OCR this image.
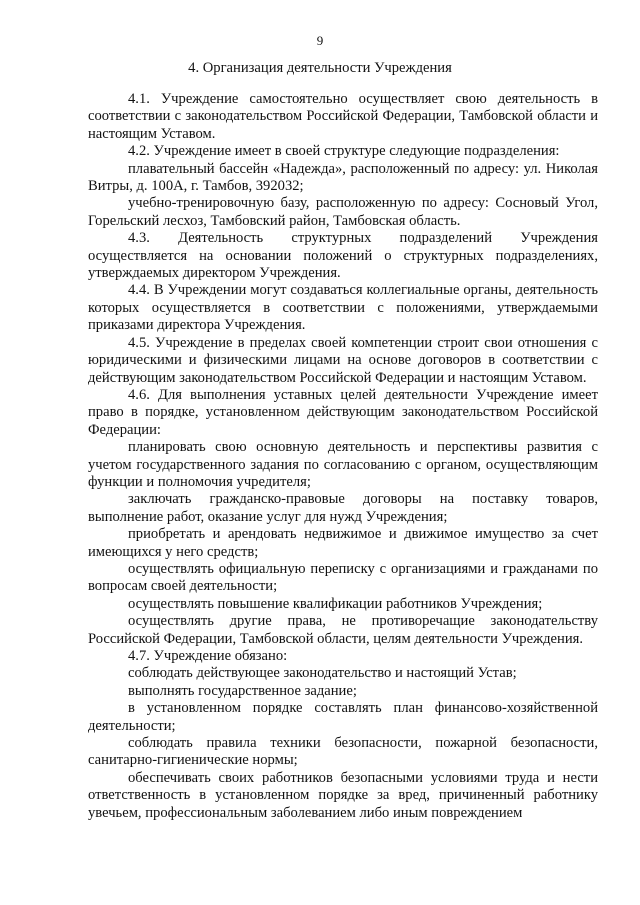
9
4. Организация деятельности Учреждения

4.1. Учреждение самостоятельно осуществляет свою деятельность в соответствии с законодательством Российской Федерации, Тамбовской области и настоящим Уставом.

4.2. Учреждение имеет в своей структуре следующие подразделения:

плавательный бассейн «Надежда», расположенный по адресу: ул. Николая Витры, д. 100А, г. Тамбов, 392032;

учебно-тренировочную базу, расположенную по адресу: Сосновый Угол, Горельский лесхоз, Тамбовский район, Тамбовская область.

4.3. Деятельность структурных подразделений Учреждения осуществляется на основании положений о структурных подразделениях, утверждаемых директором Учреждения.

4.4. В Учреждении могут создаваться коллегиальные органы, деятельность которых осуществляется в соответствии с положениями, утверждаемыми приказами директора Учреждения.

4.5. Учреждение в пределах своей компетенции строит свои отношения с юридическими и физическими лицами на основе договоров в соответствии с действующим законодательством Российской Федерации и настоящим Уставом.

4.6. Для выполнения уставных целей деятельности Учреждение имеет право в порядке, установленном действующим законодательством Российской Федерации:

планировать свою основную деятельность и перспективы развития с учетом государственного задания по согласованию с органом, осуществляющим функции и полномочия учредителя;

заключать гражданско-правовые договоры на поставку товаров, выполнение работ, оказание услуг для нужд Учреждения;

приобретать и арендовать недвижимое и движимое имущество за счет имеющихся у него средств;

осуществлять официальную переписку с организациями и гражданами по вопросам своей деятельности;

осуществлять повышение квалификации работников Учреждения;

осуществлять другие права, не противоречащие законодательству Российской Федерации, Тамбовской области, целям деятельности Учреждения.

4.7. Учреждение обязано:

соблюдать действующее законодательство и настоящий Устав;

выполнять государственное задание;

в установленном порядке составлять план финансово-хозяйственной деятельности;

соблюдать правила техники безопасности, пожарной безопасности, санитарно-гигиенические нормы;

обеспечивать своих работников безопасными условиями труда и нести ответственность в установленном порядке за вред, причиненный работнику увечьем, профессиональным заболеванием либо иным повреждением
